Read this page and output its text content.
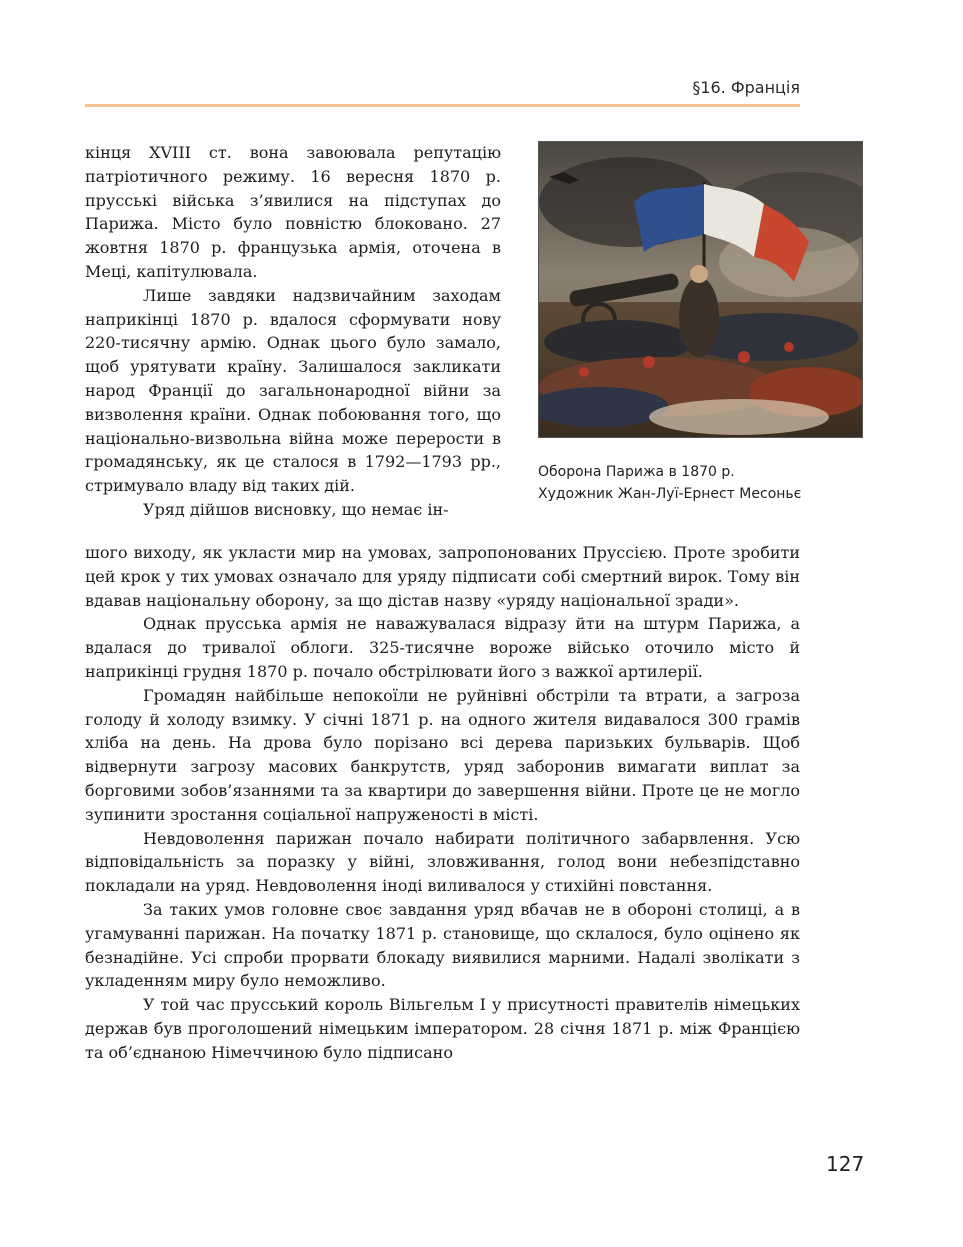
§16. Франція
Оборона Парижа в 1870 р.
Художник Жан-Луї-Ернест Месоньє

кінця XVIII ст. вона завоювала репутацію патріотичного режиму. 16 вересня 1870 р. прусські війська з’явилися на підступах до Парижа. Місто було повністю блоковано. 27 жовтня 1870 р. французька армія, оточена в Меці, капітулювала.

Лише завдяки надзвичайним заходам наприкінці 1870 р. вдалося сформувати нову 220-тисячну армію. Однак цього було замало, щоб урятувати країну. Залишалося закликати народ Франції до загальнонародної війни за визволення країни. Однак побоювання того, що національно-визвольна війна може перерости в громадянську, як це сталося в 1792—1793 рр., стримувало владу від таких дій.

Уряд дійшов висновку, що немає ін-

шого виходу, як укласти мир на умовах, запропонованих Пруссією. Проте зробити цей крок у тих умовах означало для уряду підписати собі смертний вирок. Тому він вдавав національну оборону, за що дістав назву «уряду національної зради».

Однак прусська армія не наважувалася відразу йти на штурм Парижа, а вдалася до тривалої облоги. 325-тисячне вороже військо оточило місто й наприкінці грудня 1870 р. почало обстрілювати його з важкої артилерії.

Громадян найбільше непокоїли не руйнівні обстріли та втрати, а загроза голоду й холоду взимку. У січні 1871 р. на одного жителя видавалося 300 грамів хліба на день. На дрова було порізано всі дерева паризьких бульварів. Щоб відвернути загрозу масових банкрутств, уряд заборонив вимагати виплат за борговими зобов’язаннями та за квартири до завершення війни. Проте це не могло зупинити зростання соціальної напруженості в місті.

Невдоволення парижан почало набирати політичного забарвлення. Усю відповідальність за поразку у війні, зловживання, голод вони небезпідставно покладали на уряд. Невдоволення іноді виливалося у стихійні повстання.

За таких умов головне своє завдання уряд вбачав не в обороні столиці, а в угамуванні парижан. На початку 1871 р. становище, що склалося, було оцінено як безнадійне. Усі спроби прорвати блокаду виявилися марними. Надалі зволікати з укладенням миру було неможливо.

У той час прусський король Вільгельм I у присутності правителів німецьких держав був проголошений німецьким імператором. 28 січня 1871 р. між Францією та об’єднаною Німеччиною було підписано

127
